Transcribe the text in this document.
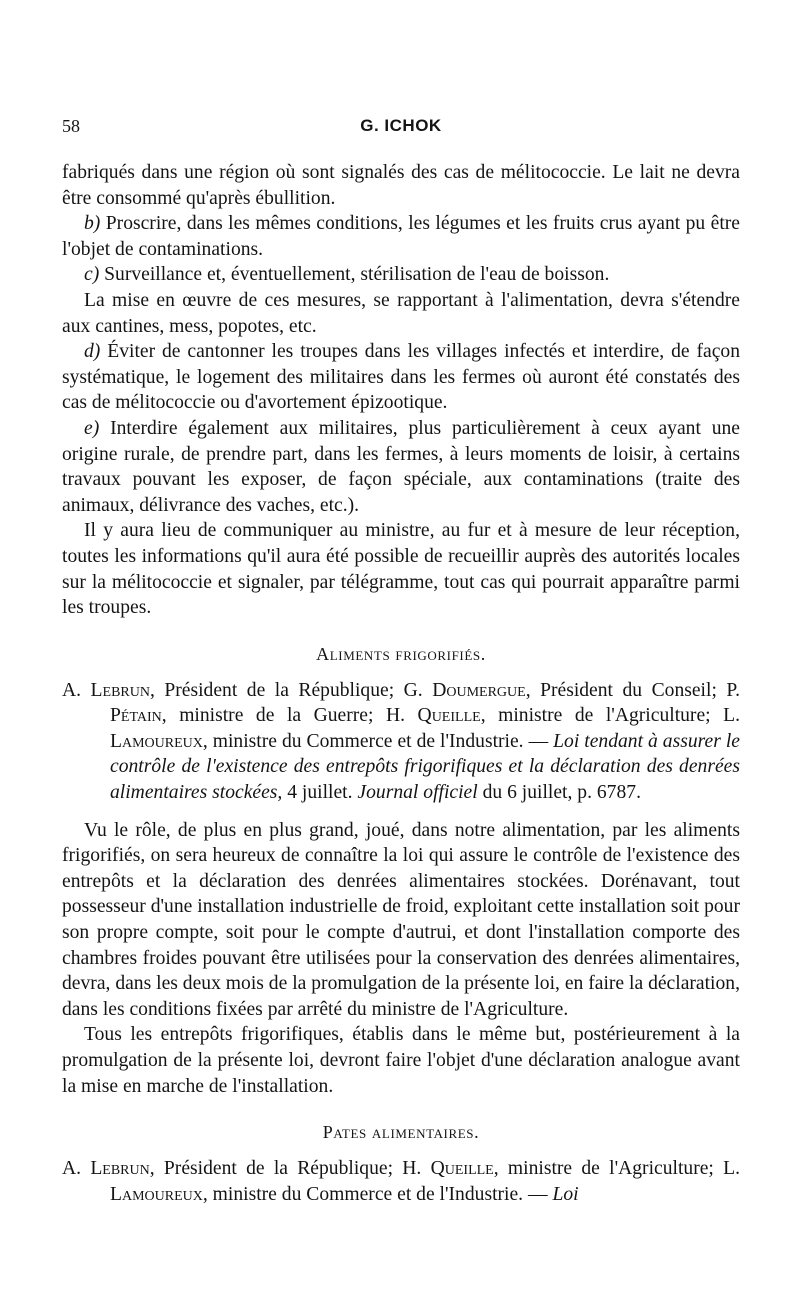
58	G. ICHOK

fabriqués dans une région où sont signalés des cas de mélitococcie. Le lait ne devra être consommé qu'après ébullition.

b) Proscrire, dans les mêmes conditions, les légumes et les fruits crus ayant pu être l'objet de contaminations.

c) Surveillance et, éventuellement, stérilisation de l'eau de boisson.

La mise en œuvre de ces mesures, se rapportant à l'alimentation, devra s'étendre aux cantines, mess, popotes, etc.

d) Éviter de cantonner les troupes dans les villages infectés et interdire, de façon systématique, le logement des militaires dans les fermes où auront été constatés des cas de mélitococcie ou d'avortement épizootique.

e) Interdire également aux militaires, plus particulièrement à ceux ayant une origine rurale, de prendre part, dans les fermes, à leurs moments de loisir, à certains travaux pouvant les exposer, de façon spéciale, aux contaminations (traite des animaux, délivrance des vaches, etc.).

Il y aura lieu de communiquer au ministre, au fur et à mesure de leur réception, toutes les informations qu'il aura été possible de recueillir auprès des autorités locales sur la mélitococcie et signaler, par télégramme, tout cas qui pourrait apparaître parmi les troupes.

Aliments frigorifiés.

A. Lebrun, Président de la République; G. Doumergue, Président du Conseil; P. Pétain, ministre de la Guerre; H. Queille, ministre de l'Agriculture; L. Lamoureux, ministre du Commerce et de l'Industrie. — Loi tendant à assurer le contrôle de l'existence des entrepôts frigorifiques et la déclaration des denrées alimentaires stockées, 4 juillet. Journal officiel du 6 juillet, p. 6787.

Vu le rôle, de plus en plus grand, joué, dans notre alimentation, par les aliments frigorifiés, on sera heureux de connaître la loi qui assure le contrôle de l'existence des entrepôts et la déclaration des denrées alimentaires stockées. Dorénavant, tout possesseur d'une installation industrielle de froid, exploitant cette installation soit pour son propre compte, soit pour le compte d'autrui, et dont l'installation comporte des chambres froides pouvant être utilisées pour la conservation des denrées alimentaires, devra, dans les deux mois de la promulgation de la présente loi, en faire la déclaration, dans les conditions fixées par arrêté du ministre de l'Agriculture.

Tous les entrepôts frigorifiques, établis dans le même but, postérieurement à la promulgation de la présente loi, devront faire l'objet d'une déclaration analogue avant la mise en marche de l'installation.

Pates alimentaires.

A. Lebrun, Président de la République; H. Queille, ministre de l'Agriculture; L. Lamoureux, ministre du Commerce et de l'Industrie. — Loi
